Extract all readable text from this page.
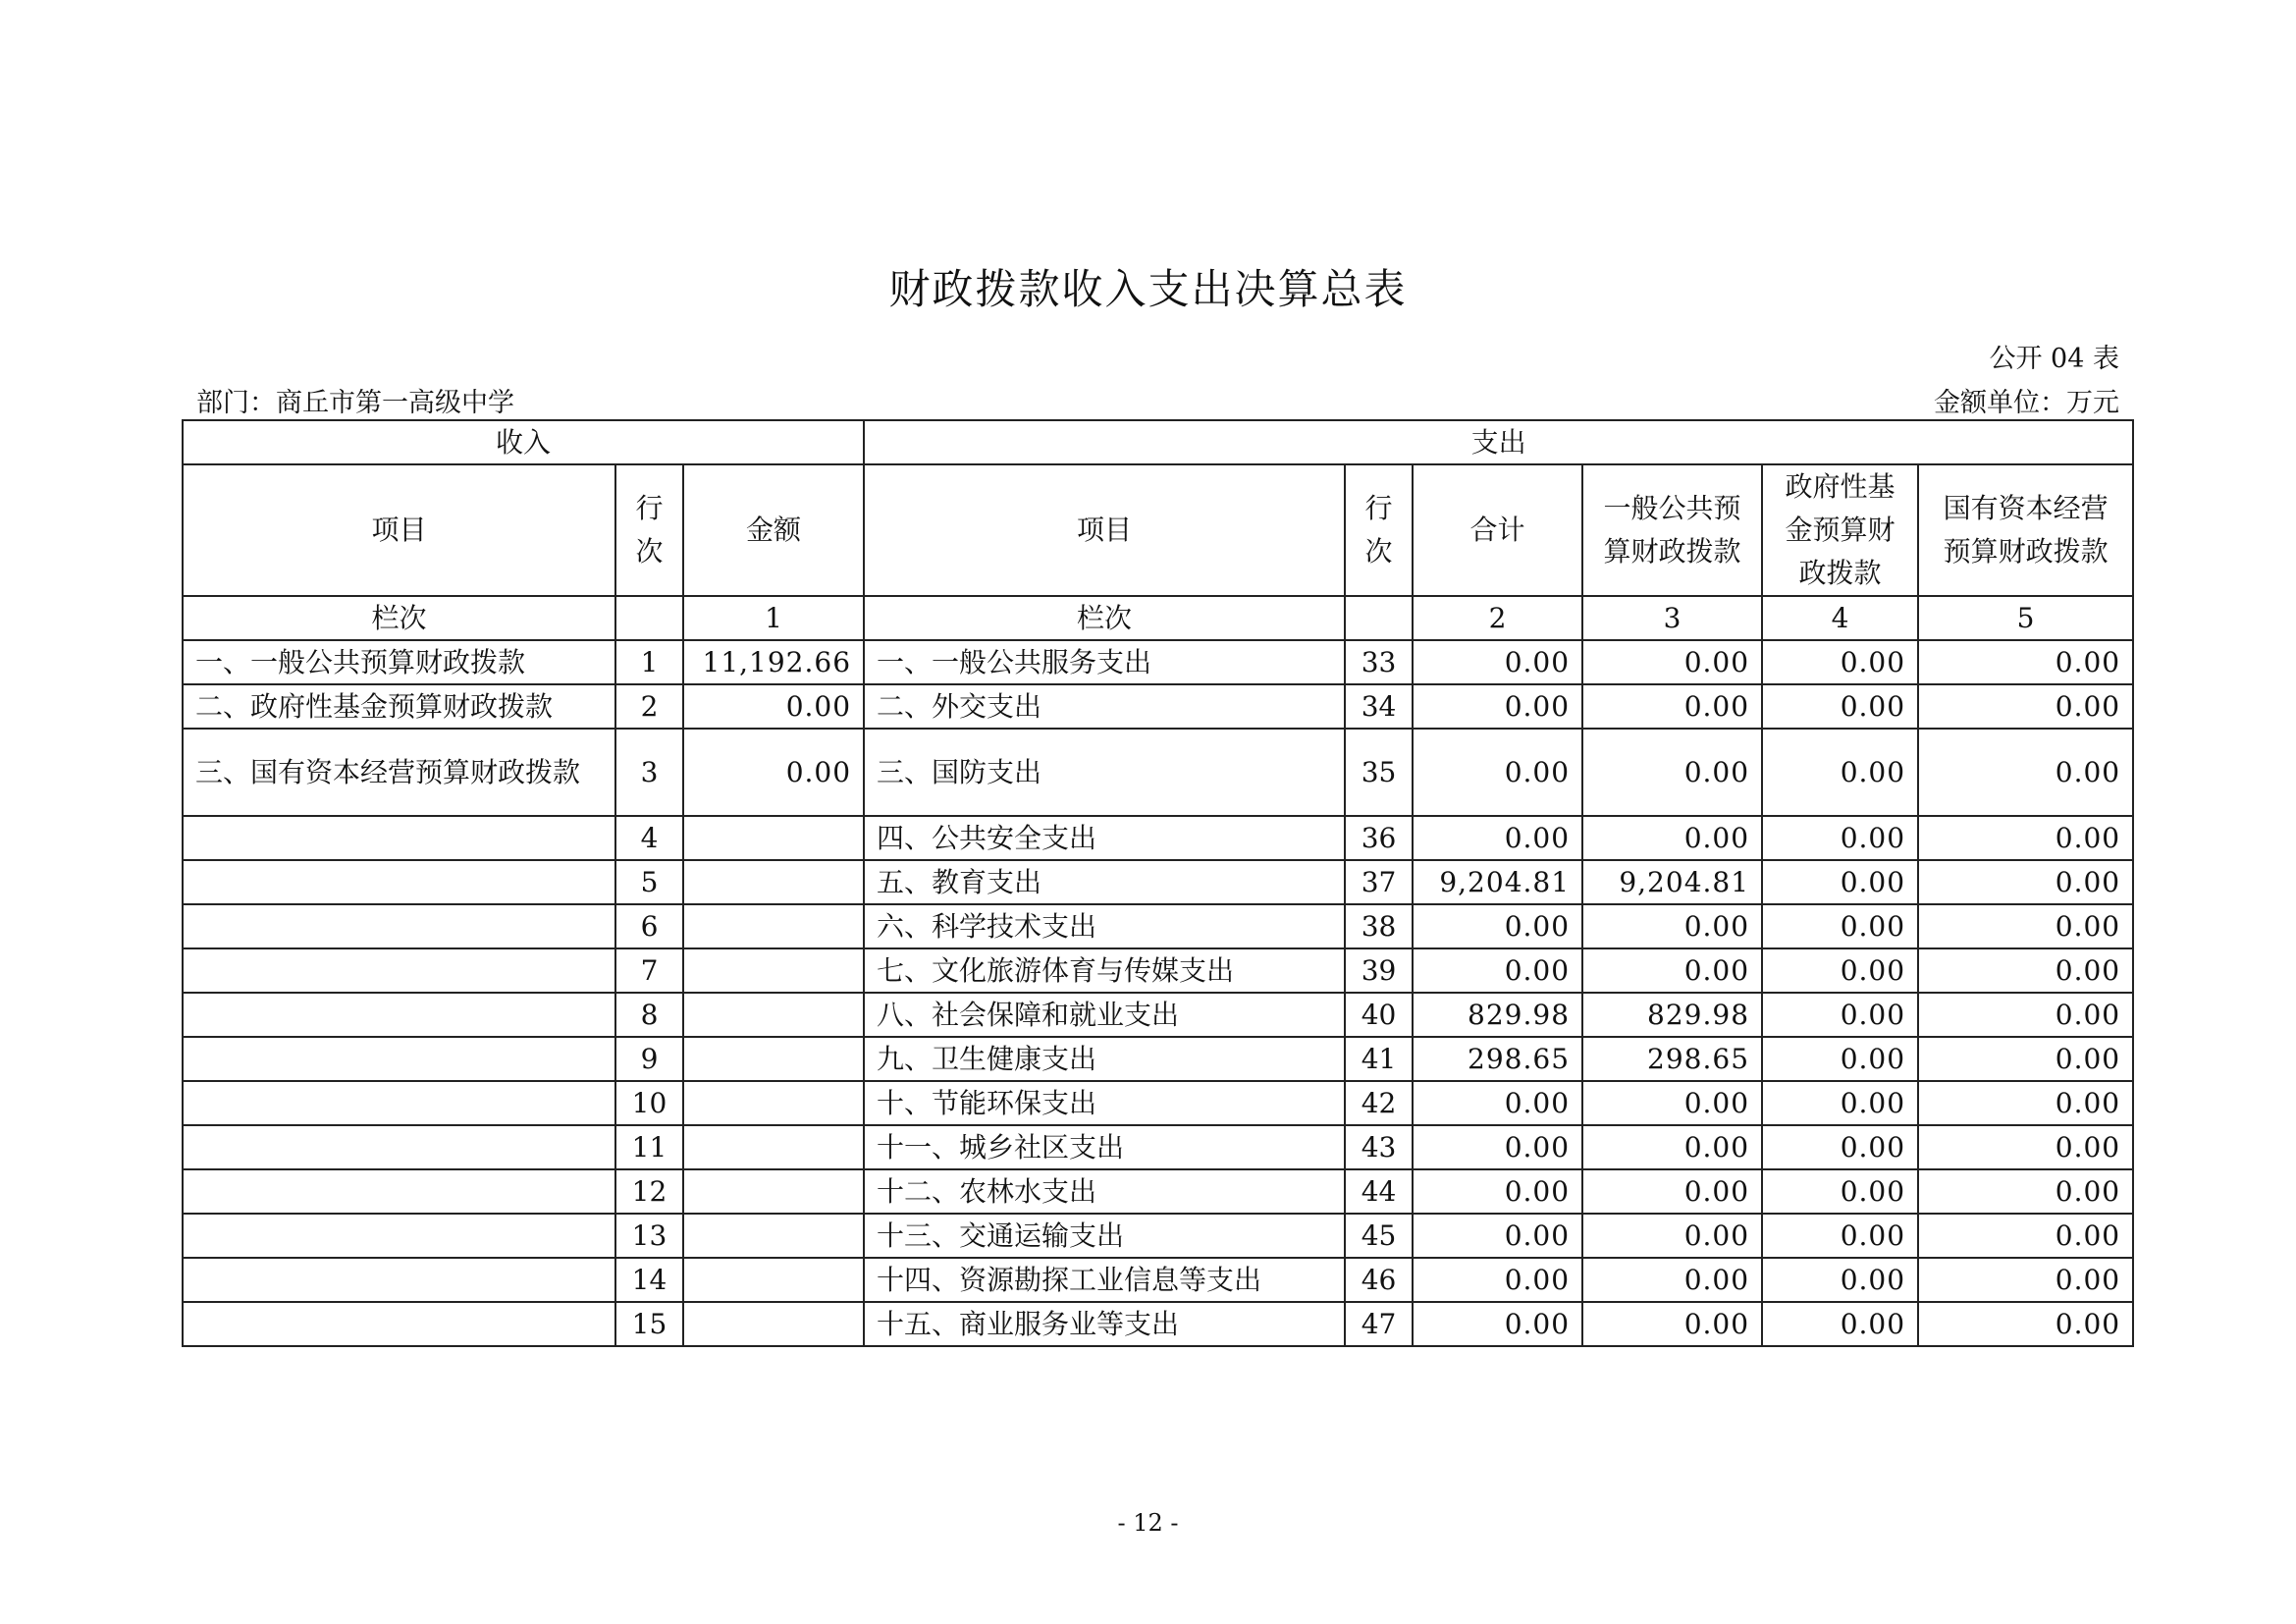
财政拨款收入支出决算总表
公开 04 表
部门：商丘市第一高级中学	金额单位：万元
收入			支出					
项目	行次	金额	项目	行次	合计	一般公共预算财政拨款	政府性基金预算财政拨款	国有资本经营预算财政拨款
栏次		1	栏次		2	3	4	5
一、一般公共预算财政拨款	1	11,192.66	一、一般公共服务支出	33	0.00	0.00	0.00	0.00
二、政府性基金预算财政拨款	2	0.00	二、外交支出	34	0.00	0.00	0.00	0.00
三、国有资本经营预算财政拨款	3	0.00	三、国防支出	35	0.00	0.00	0.00	0.00
	4		四、公共安全支出	36	0.00	0.00	0.00	0.00
	5		五、教育支出	37	9,204.81	9,204.81	0.00	0.00
	6		六、科学技术支出	38	0.00	0.00	0.00	0.00
	7		七、文化旅游体育与传媒支出	39	0.00	0.00	0.00	0.00
	8		八、社会保障和就业支出	40	829.98	829.98	0.00	0.00
	9		九、卫生健康支出	41	298.65	298.65	0.00	0.00
	10		十、节能环保支出	42	0.00	0.00	0.00	0.00
	11		十一、城乡社区支出	43	0.00	0.00	0.00	0.00
	12		十二、农林水支出	44	0.00	0.00	0.00	0.00
	13		十三、交通运输支出	45	0.00	0.00	0.00	0.00
	14		十四、资源勘探工业信息等支出	46	0.00	0.00	0.00	0.00
	15		十五、商业服务业等支出	47	0.00	0.00	0.00	0.00
- 12 -
